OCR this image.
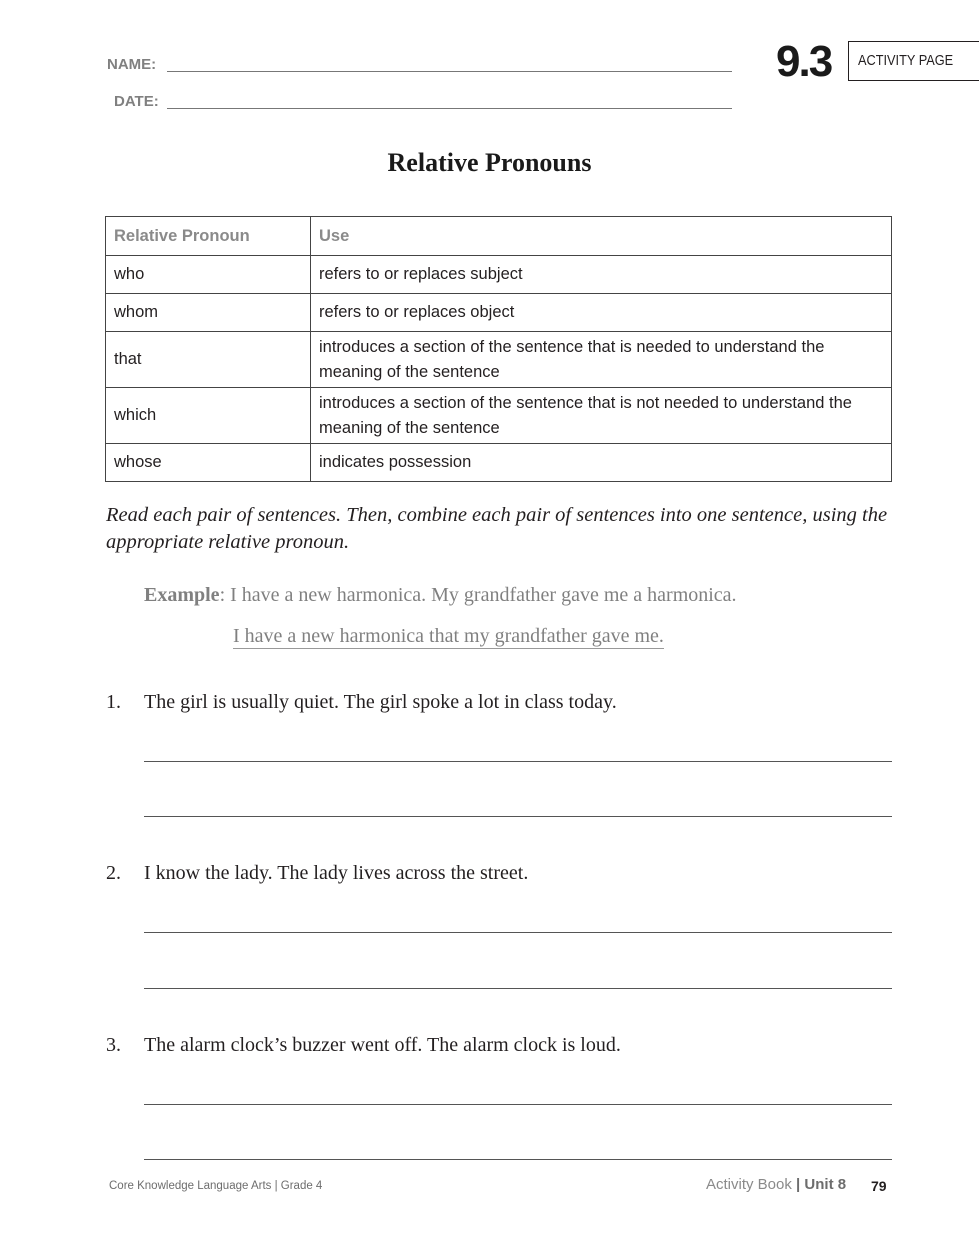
NAME:
DATE:
9.3 ACTIVITY PAGE
Relative Pronouns
Relative Pronoun	Use
who	refers to or replaces subject
whom	refers to or replaces object
that	introduces a section of the sentence that is needed to understand the meaning of the sentence
which	introduces a section of the sentence that is not needed to understand the meaning of the sentence
whose	indicates possession
Read each pair of sentences. Then, combine each pair of sentences into one sentence, using the appropriate relative pronoun.
Example: I have a new harmonica. My grandfather gave me a harmonica.
I have a new harmonica that my grandfather gave me.
1. The girl is usually quiet. The girl spoke a lot in class today.
2. I know the lady. The lady lives across the street.
3. The alarm clock’s buzzer went off. The alarm clock is loud.
Core Knowledge Language Arts | Grade 4	Activity Book | Unit 8 79
